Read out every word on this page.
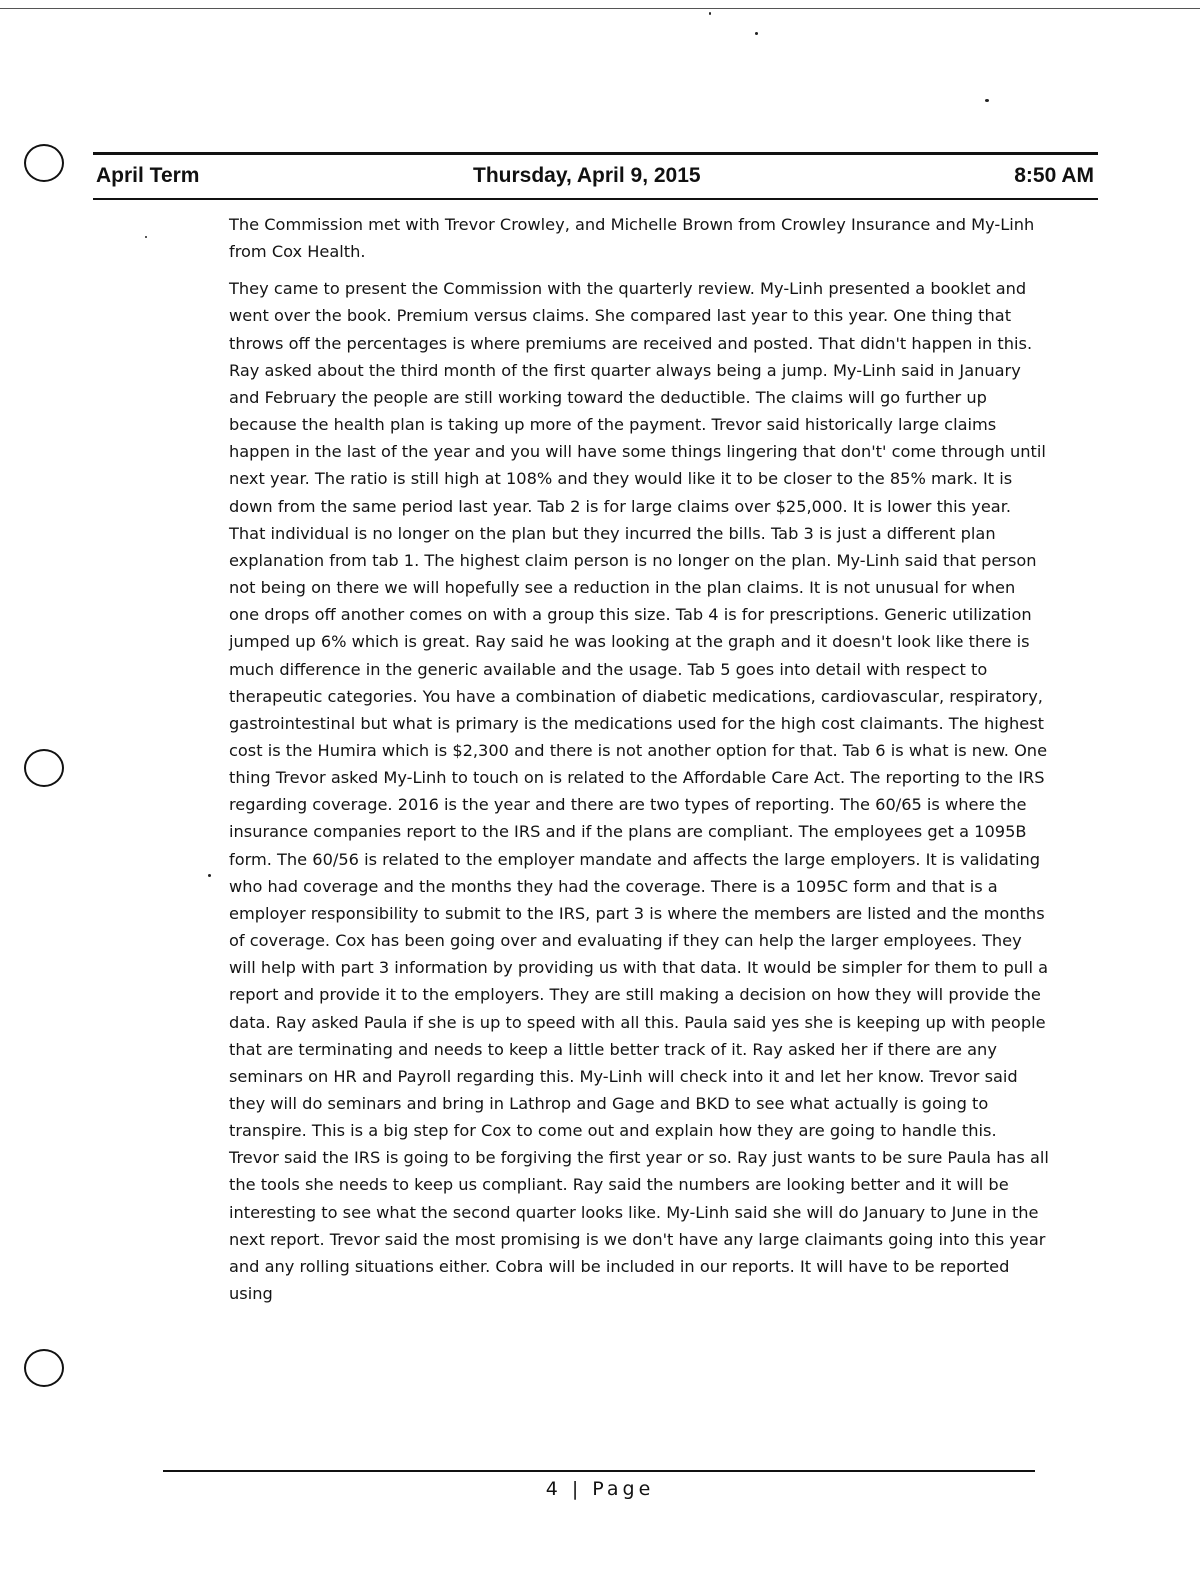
April Term	Thursday, April 9, 2015	8:50 AM

The Commission met with Trevor Crowley, and Michelle Brown from Crowley Insurance and My-Linh from Cox Health.

They came to present the Commission with the quarterly review. My-Linh presented a booklet and went over the book. Premium versus claims. She compared last year to this year. One thing that throws off the percentages is where premiums are received and posted. That didn't happen in this. Ray asked about the third month of the first quarter always being a jump. My-Linh said in January and February the people are still working toward the deductible. The claims will go further up because the health plan is taking up more of the payment. Trevor said historically large claims happen in the last of the year and you will have some things lingering that don't' come through until next year. The ratio is still high at 108% and they would like it to be closer to the 85% mark. It is down from the same period last year. Tab 2 is for large claims over $25,000. It is lower this year. That individual is no longer on the plan but they incurred the bills. Tab 3 is just a different plan explanation from tab 1. The highest claim person is no longer on the plan. My-Linh said that person not being on there we will hopefully see a reduction in the plan claims. It is not unusual for when one drops off another comes on with a group this size. Tab 4 is for prescriptions. Generic utilization jumped up 6% which is great. Ray said he was looking at the graph and it doesn't look like there is much difference in the generic available and the usage. Tab 5 goes into detail with respect to therapeutic categories. You have a combination of diabetic medications, cardiovascular, respiratory, gastrointestinal but what is primary is the medications used for the high cost claimants. The highest cost is the Humira which is $2,300 and there is not another option for that. Tab 6 is what is new. One thing Trevor asked My-Linh to touch on is related to the Affordable Care Act. The reporting to the IRS regarding coverage. 2016 is the year and there are two types of reporting. The 60/65 is where the insurance companies report to the IRS and if the plans are compliant. The employees get a 1095B form. The 60/56 is related to the employer mandate and affects the large employers. It is validating who had coverage and the months they had the coverage. There is a 1095C form and that is a employer responsibility to submit to the IRS, part 3 is where the members are listed and the months of coverage. Cox has been going over and evaluating if they can help the larger employees. They will help with part 3 information by providing us with that data. It would be simpler for them to pull a report and provide it to the employers. They are still making a decision on how they will provide the data. Ray asked Paula if she is up to speed with all this. Paula said yes she is keeping up with people that are terminating and needs to keep a little better track of it. Ray asked her if there are any seminars on HR and Payroll regarding this. My-Linh will check into it and let her know. Trevor said they will do seminars and bring in Lathrop and Gage and BKD to see what actually is going to transpire. This is a big step for Cox to come out and explain how they are going to handle this. Trevor said the IRS is going to be forgiving the first year or so. Ray just wants to be sure Paula has all the tools she needs to keep us compliant. Ray said the numbers are looking better and it will be interesting to see what the second quarter looks like. My-Linh said she will do January to June in the next report. Trevor said the most promising is we don't have any large claimants going into this year and any rolling situations either. Cobra will be included in our reports. It will have to be reported using

4 | Page
